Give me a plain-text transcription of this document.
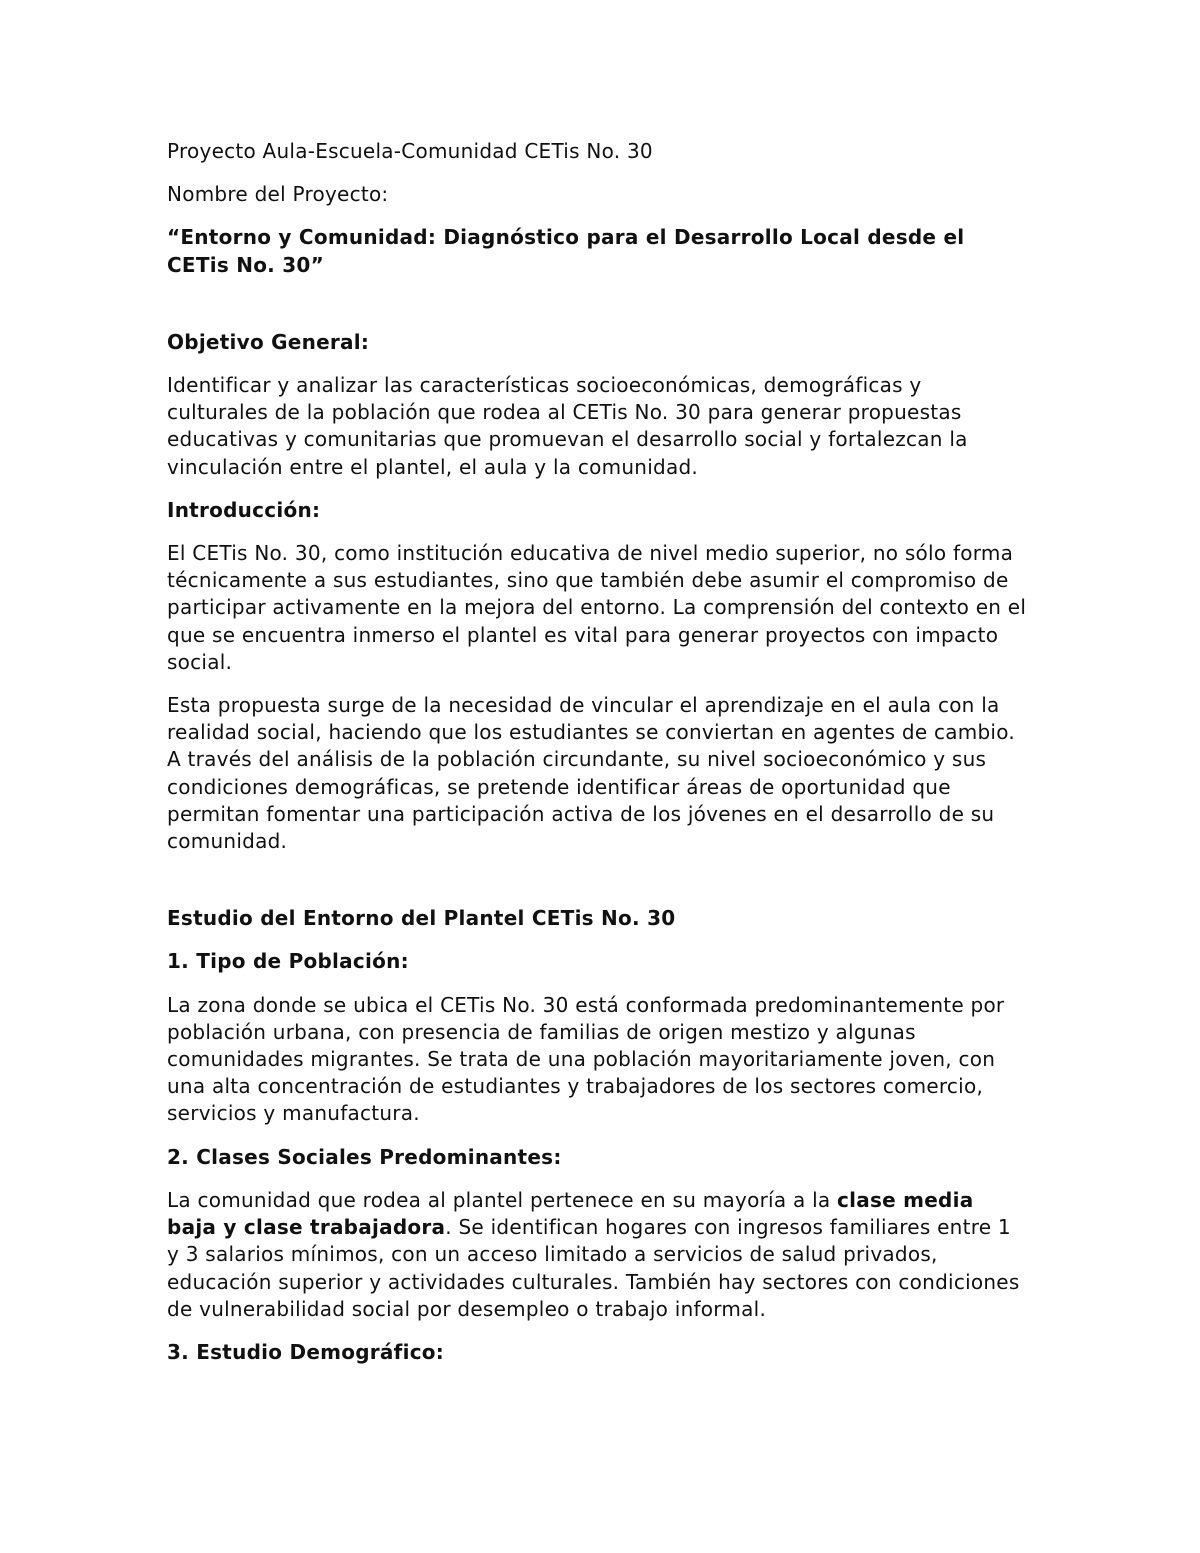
Proyecto Aula-Escuela-Comunidad CETis No. 30

Nombre del Proyecto:

“Entorno y Comunidad: Diagnóstico para el Desarrollo Local desde el CETis No. 30”

Objetivo General:

Identificar y analizar las características socioeconómicas, demográficas y culturales de la población que rodea al CETis No. 30 para generar propuestas educativas y comunitarias que promuevan el desarrollo social y fortalezcan la vinculación entre el plantel, el aula y la comunidad.

Introducción:

El CETis No. 30, como institución educativa de nivel medio superior, no sólo forma técnicamente a sus estudiantes, sino que también debe asumir el compromiso de participar activamente en la mejora del entorno. La comprensión del contexto en el que se encuentra inmerso el plantel es vital para generar proyectos con impacto social.

Esta propuesta surge de la necesidad de vincular el aprendizaje en el aula con la realidad social, haciendo que los estudiantes se conviertan en agentes de cambio. A través del análisis de la población circundante, su nivel socioeconómico y sus condiciones demográficas, se pretende identificar áreas de oportunidad que permitan fomentar una participación activa de los jóvenes en el desarrollo de su comunidad.

Estudio del Entorno del Plantel CETis No. 30

1. Tipo de Población:

La zona donde se ubica el CETis No. 30 está conformada predominantemente por población urbana, con presencia de familias de origen mestizo y algunas comunidades migrantes. Se trata de una población mayoritariamente joven, con una alta concentración de estudiantes y trabajadores de los sectores comercio, servicios y manufactura.

2. Clases Sociales Predominantes:

La comunidad que rodea al plantel pertenece en su mayoría a la clase media baja y clase trabajadora. Se identifican hogares con ingresos familiares entre 1 y 3 salarios mínimos, con un acceso limitado a servicios de salud privados, educación superior y actividades culturales. También hay sectores con condiciones de vulnerabilidad social por desempleo o trabajo informal.

3. Estudio Demográfico:
